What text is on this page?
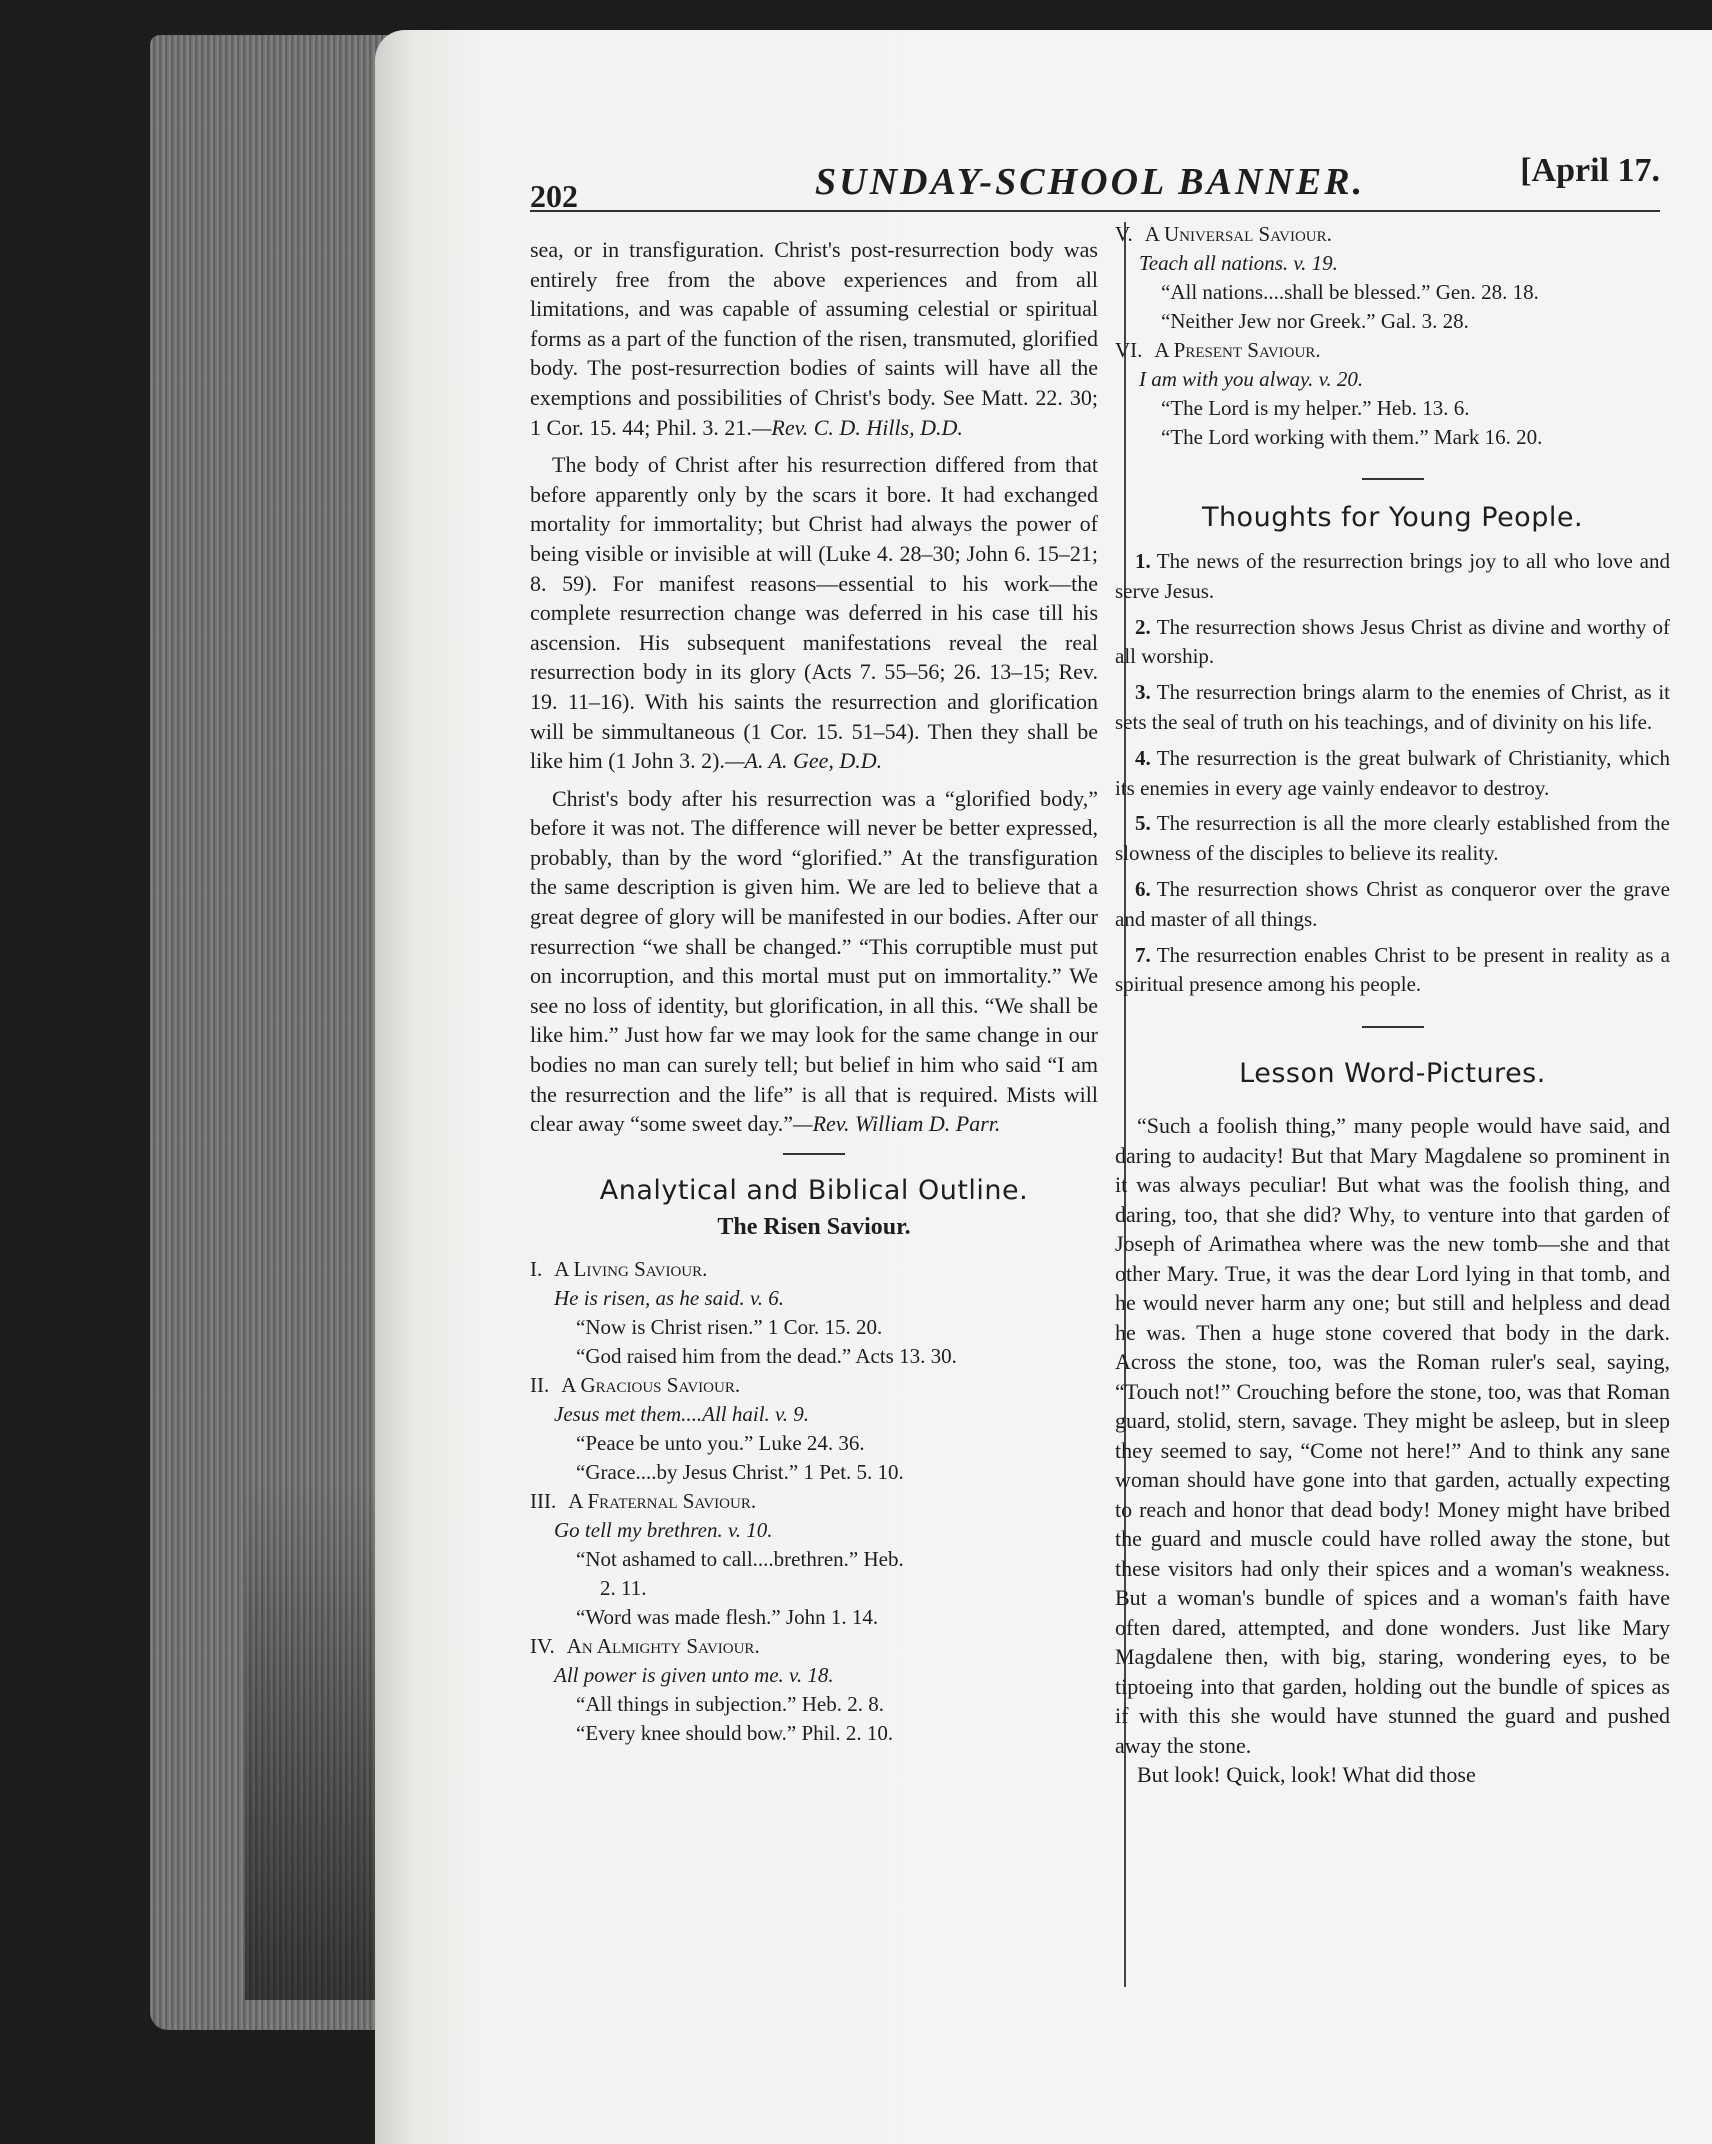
202	SUNDAY-SCHOOL BANNER.	[April 17.

sea, or in transfiguration. Christ's post-resurrection body was entirely free from the above experiences and from all limitations, and was capable of assuming celestial or spiritual forms as a part of the function of the risen, transmuted, glorified body. The post-resurrection bodies of saints will have all the exemptions and possibilities of Christ's body. See Matt. 22. 30; 1 Cor. 15. 44; Phil. 3. 21.—Rev. C. D. Hills, D.D.

The body of Christ after his resurrection differed from that before apparently only by the scars it bore. It had exchanged mortality for immortality; but Christ had always the power of being visible or invisible at will (Luke 4. 28–30; John 6. 15–21; 8. 59). For manifest reasons—essential to his work—the complete resurrection change was deferred in his case till his ascension. His subsequent manifestations reveal the real resurrection body in its glory (Acts 7. 55–56; 26. 13–15; Rev. 19. 11–16). With his saints the resurrection and glorification will be simmultaneous (1 Cor. 15. 51–54). Then they shall be like him (1 John 3. 2).—A. A. Gee, D.D.

Christ's body after his resurrection was a “glorified body,” before it was not. The difference will never be better expressed, probably, than by the word “glorified.” At the transfiguration the same description is given him. We are led to believe that a great degree of glory will be manifested in our bodies. After our resurrection “we shall be changed.” “This corruptible must put on incorruption, and this mortal must put on immortality.” We see no loss of identity, but glorification, in all this. “We shall be like him.” Just how far we may look for the same change in our bodies no man can surely tell; but belief in him who said “I am the resurrection and the life” is all that is required. Mists will clear away “some sweet day.”—Rev. William D. Parr.

Analytical and Biblical Outline.
The Risen Saviour.
I. A Living Saviour.
He is risen, as he said. v. 6.
“Now is Christ risen.” 1 Cor. 15. 20.
“God raised him from the dead.” Acts 13. 30.
II. A Gracious Saviour.
Jesus met them....All hail. v. 9.
“Peace be unto you.” Luke 24. 36.
“Grace....by Jesus Christ.” 1 Pet. 5. 10.
III. A Fraternal Saviour.
Go tell my brethren. v. 10.
“Not ashamed to call....brethren.” Heb.
2. 11.
“Word was made flesh.” John 1. 14.
IV. An Almighty Saviour.
All power is given unto me. v. 18.
“All things in subjection.” Heb. 2. 8.
“Every knee should bow.” Phil. 2. 10.
V. A Universal Saviour.
Teach all nations. v. 19.
“All nations....shall be blessed.” Gen. 28. 18.
“Neither Jew nor Greek.” Gal. 3. 28.
VI. A Present Saviour.
I am with you alway. v. 20.
“The Lord is my helper.” Heb. 13. 6.
“The Lord working with them.” Mark 16. 20.
Thoughts for Young People.

1. The news of the resurrection brings joy to all who love and serve Jesus.

2. The resurrection shows Jesus Christ as divine and worthy of all worship.

3. The resurrection brings alarm to the enemies of Christ, as it sets the seal of truth on his teachings, and of divinity on his life.

4. The resurrection is the great bulwark of Christianity, which its enemies in every age vainly endeavor to destroy.

5. The resurrection is all the more clearly established from the slowness of the disciples to believe its reality.

6. The resurrection shows Christ as conqueror over the grave and master of all things.

7. The resurrection enables Christ to be present in reality as a spiritual presence among his people.

Lesson Word-Pictures.

“Such a foolish thing,” many people would have said, and daring to audacity! But that Mary Magdalene so prominent in it was always peculiar! But what was the foolish thing, and daring, too, that she did? Why, to venture into that garden of Joseph of Arimathea where was the new tomb—she and that other Mary. True, it was the dear Lord lying in that tomb, and he would never harm any one; but still and helpless and dead he was. Then a huge stone covered that body in the dark. Across the stone, too, was the Roman ruler's seal, saying, “Touch not!” Crouching before the stone, too, was that Roman guard, stolid, stern, savage. They might be asleep, but in sleep they seemed to say, “Come not here!” And to think any sane woman should have gone into that garden, actually expecting to reach and honor that dead body! Money might have bribed the guard and muscle could have rolled away the stone, but these visitors had only their spices and a woman's weakness. But a woman's bundle of spices and a woman's faith have often dared, attempted, and done wonders. Just like Mary Magdalene then, with big, staring, wondering eyes, to be tiptoeing into that garden, holding out the bundle of spices as if with this she would have stunned the guard and pushed away the stone.

But look! Quick, look! What did those
